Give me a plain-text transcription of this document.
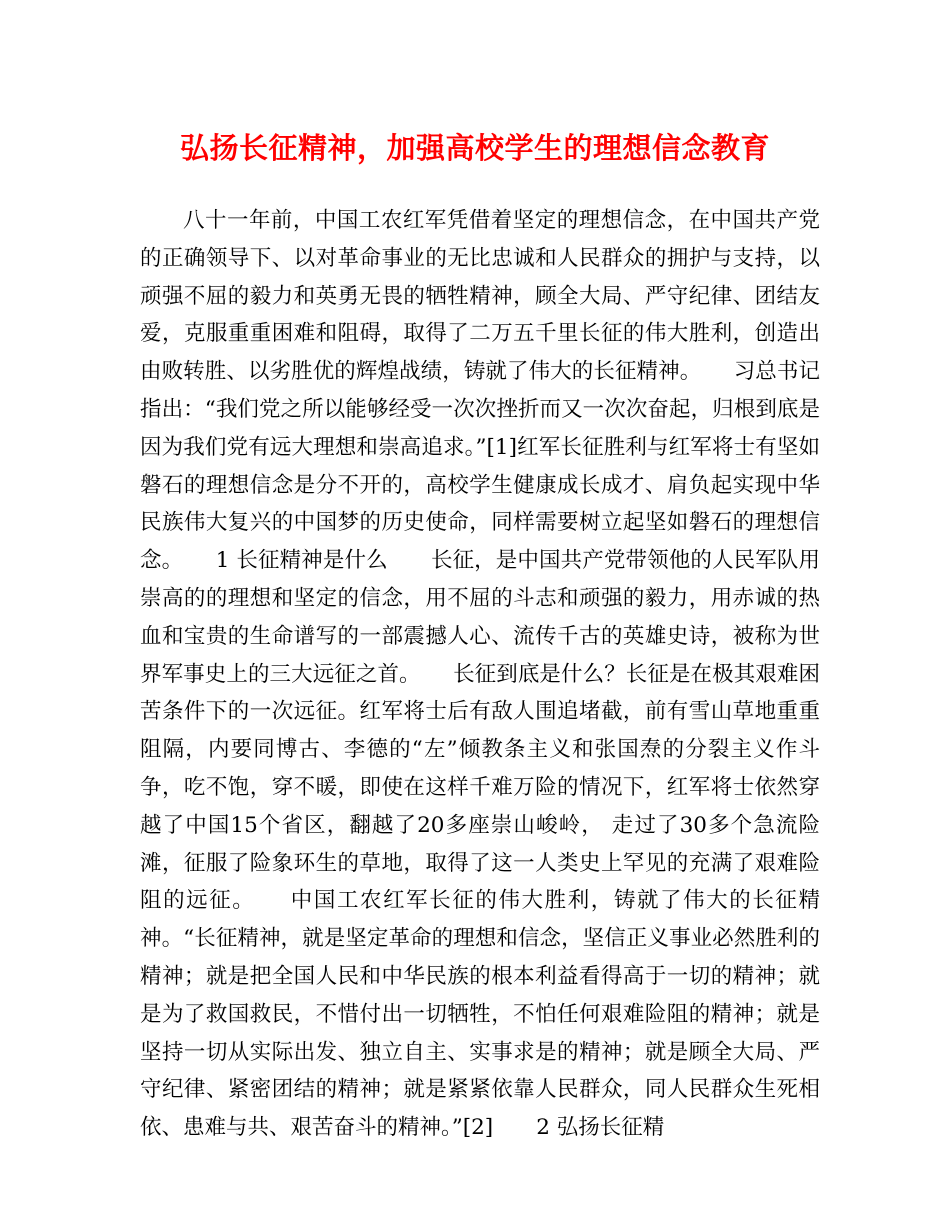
弘扬长征精神，加强高校学生的理想信念教育

八十一年前，中国工农红军凭借着坚定的理想信念，在中国共产党的正确领导下、以对革命事业的无比忠诚和人民群众的拥护与支持，以顽强不屈的毅力和英勇无畏的牺牲精神，顾全大局、严守纪律、团结友爱，克服重重困难和阻碍，取得了二万五千里长征的伟大胜利，创造出由败转胜、以劣胜优的辉煌战绩，铸就了伟大的长征精神。　　习总书记指出：“我们党之所以能够经受一次次挫折而又一次次奋起，归根到底是因为我们党有远大理想和崇高追求。”[1]红军长征胜利与红军将士有坚如磐石的理想信念是分不开的，高校学生健康成长成才、肩负起实现中华民族伟大复兴的中国梦的历史使命，同样需要树立起坚如磐石的理想信念。　　1 长征精神是什么　　长征，是中国共产党带领他的人民军队用崇高的的理想和坚定的信念，用不屈的斗志和顽强的毅力，用赤诚的热血和宝贵的生命谱写的一部震撼人心、流传千古的英雄史诗，被称为世界军事史上的三大远征之首。　　长征到底是什么？长征是在极其艰难困苦条件下的一次远征。红军将士后有敌人围追堵截，前有雪山草地重重阻隔，内要同博古、李德的“左”倾教条主义和张国焘的分裂主义作斗争，吃不饱，穿不暖，即使在这样千难万险的情况下，红军将士依然穿越了中国15个省区，翻越了20多座崇山峻岭， 走过了30多个急流险滩，征服了险象环生的草地，取得了这一人类史上罕见的充满了艰难险阻的远征。　　中国工农红军长征的伟大胜利，铸就了伟大的长征精神。“长征精神，就是坚定革命的理想和信念，坚信正义事业必然胜利的精神；就是把全国人民和中华民族的根本利益看得高于一切的精神；就是为了救国救民，不惜付出一切牺牲，不怕任何艰难险阻的精神；就是坚持一切从实际出发、独立自主、实事求是的精神；就是顾全大局、严守纪律、紧密团结的精神；就是紧紧依靠人民群众，同人民群众生死相依、患难与共、艰苦奋斗的精神。”[2]　　2 弘扬长征精
